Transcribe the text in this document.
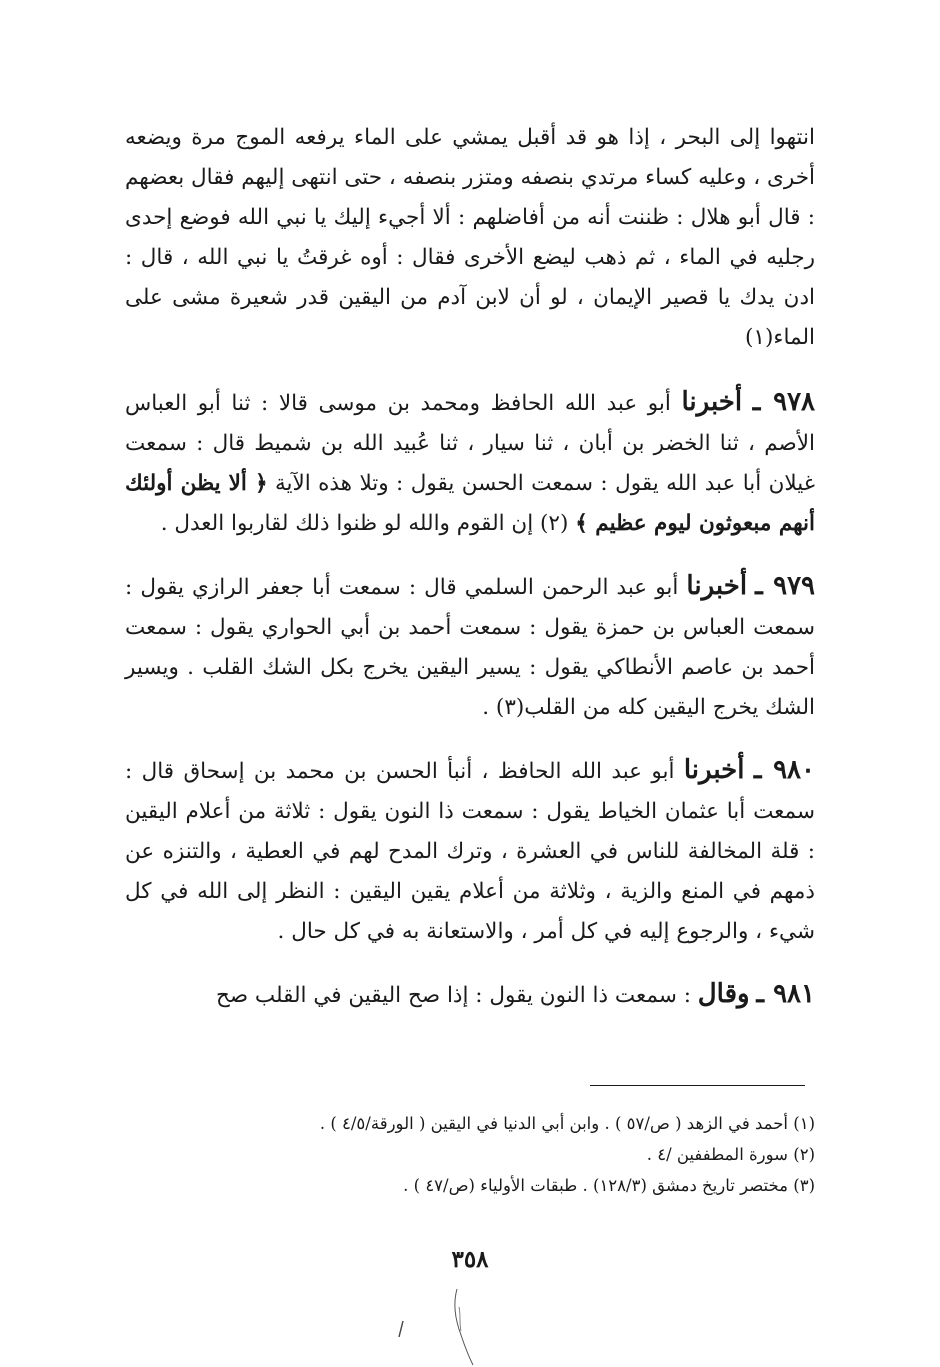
انتهوا إلى البحر ، إذا هو قد أقبل يمشي على الماء يرفعه الموج مرة ويضعه أخرى ، وعليه كساء مرتدي بنصفه ومتزر بنصفه ، حتى انتهى إليهم فقال بعضهم : قال أبو هلال : ظننت أنه من أفاضلهم : ألا أجيء إليك يا نبي الله فوضع إحدى رجليه في الماء ، ثم ذهب ليضع الأخرى فقال : أوه غرقتُ يا نبي الله ، قال : ادن يدك يا قصير الإيمان ، لو أن لابن آدم من اليقين قدر شعيرة مشى على الماء(١)

٩٧٨ ـ أخبرنا أبو عبد الله الحافظ ومحمد بن موسى قالا : ثنا أبو العباس الأصم ، ثنا الخضر بن أبان ، ثنا سيار ، ثنا عُبيد الله بن شميط قال : سمعت غيلان أبا عبد الله يقول : سمعت الحسن يقول : وتلا هذه الآية ﴿ ألا يظن أولئك أنهم مبعوثون ليوم عظيم ﴾ (٢) إن القوم والله لو ظنوا ذلك لقاربوا العدل .

٩٧٩ ـ أخبرنا أبو عبد الرحمن السلمي قال : سمعت أبا جعفر الرازي يقول : سمعت العباس بن حمزة يقول : سمعت أحمد بن أبي الحواري يقول : سمعت أحمد بن عاصم الأنطاكي يقول : يسير اليقين يخرج بكل الشك القلب . ويسير الشك يخرج اليقين كله من القلب(٣) .

٩٨٠ ـ أخبرنا أبو عبد الله الحافظ ، أنبأ الحسن بن محمد بن إسحاق قال : سمعت أبا عثمان الخياط يقول : سمعت ذا النون يقول : ثلاثة من أعلام اليقين : قلة المخالفة للناس في العشرة ، وترك المدح لهم في العطية ، والتنزه عن ذمهم في المنع والزية ، وثلاثة من أعلام يقين اليقين : النظر إلى الله في كل شيء ، والرجوع إليه في كل أمر ، والاستعانة به في كل حال .

٩٨١ ـ وقال : سمعت ذا النون يقول : إذا صح اليقين في القلب صح

(١) أحمد في الزهد ( ص/٥٧ ) . وابن أبي الدنيا في اليقين ( الورقة/٤/٥ ) .
(٢) سورة المطففين /٤ .
(٣) مختصر تاريخ دمشق (١٢٨/٣) . طبقات الأولياء (ص/٤٧ ) .
٣٥٨
